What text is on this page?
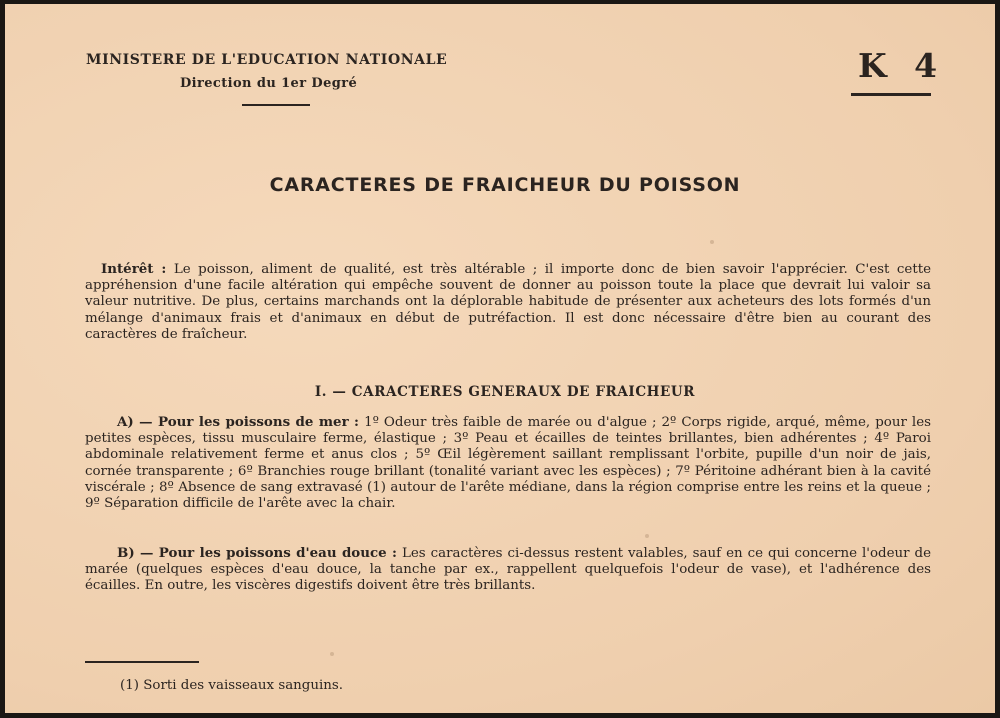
MINISTERE DE L'EDUCATION NATIONALE
Direction du 1er Degré	K 4
CARACTERES DE FRAICHEUR DU POISSON
Intérêt : Le poisson, aliment de qualité, est très altérable ; il importe donc de bien savoir l'apprécier. C'est cette appréhension d'une facile altération qui empêche souvent de donner au poisson toute la place que devrait lui valoir sa valeur nutritive. De plus, certains marchands ont la déplorable habitude de présenter aux acheteurs des lots formés d'un mélange d'animaux frais et d'animaux en début de putréfaction. Il est donc nécessaire d'être bien au courant des caractères de fraîcheur.
I. — CARACTERES GENERAUX DE FRAICHEUR
A) — Pour les poissons de mer : 1º Odeur très faible de marée ou d'algue ; 2º Corps rigide, arqué, même, pour les petites espèces, tissu musculaire ferme, élastique ; 3º Peau et écailles de teintes brillantes, bien adhérentes ; 4º Paroi abdominale relativement ferme et anus clos ; 5º Œil légèrement saillant remplissant l'orbite, pupille d'un noir de jais, cornée transparente ; 6º Branchies rouge brillant (tonalité variant avec les espèces) ; 7º Péritoine adhérant bien à la cavité viscérale ; 8º Absence de sang extravasé (1) autour de l'arête médiane, dans la région comprise entre les reins et la queue ; 9º Séparation difficile de l'arête avec la chair.
B) — Pour les poissons d'eau douce : Les caractères ci-dessus restent valables, sauf en ce qui concerne l'odeur de marée (quelques espèces d'eau douce, la tanche par ex., rappellent quelquefois l'odeur de vase), et l'adhérence des écailles. En outre, les viscères digestifs doivent être très brillants.
(1) Sorti des vaisseaux sanguins.
